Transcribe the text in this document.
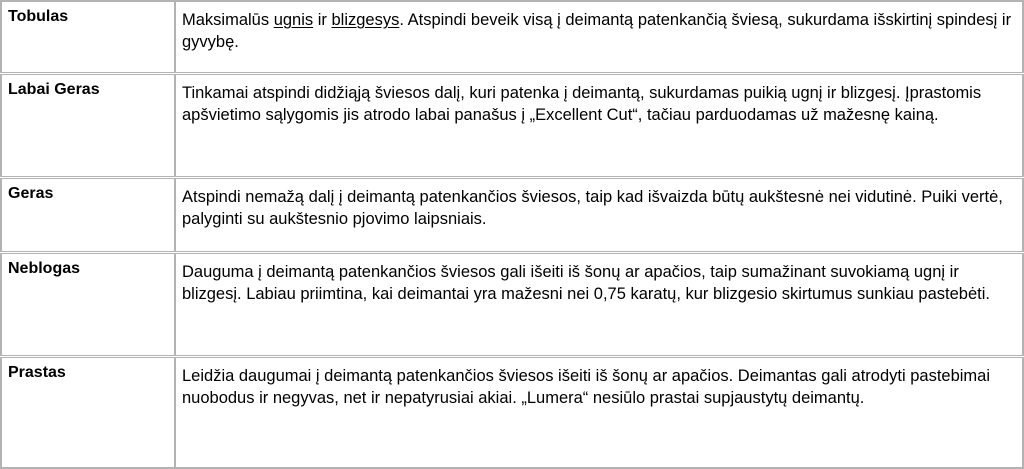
Tobulas	Maksimalūs ugnis ir blizgesys. Atspindi beveik visą į deimantą patenkančią šviesą, sukurdama išskirtinį spindesį ir gyvybę.

Labai Geras	Tinkamai atspindi didžiąją šviesos dalį, kuri patenka į deimantą, sukurdamas puikią ugnį ir blizgesį. Įprastomis apšvietimo sąlygomis jis atrodo labai panašus į „Excellent Cut“, tačiau parduodamas už mažesnę kainą.

Geras	Atspindi nemažą dalį į deimantą patenkančios šviesos, taip kad išvaizda būtų aukštesnė nei vidutinė. Puiki vertė, palyginti su aukštesnio pjovimo laipsniais.

Neblogas	Dauguma į deimantą patenkančios šviesos gali išeiti iš šonų ar apačios, taip sumažinant suvokiamą ugnį ir blizgesį. Labiau priimtina, kai deimantai yra mažesni nei 0,75 karatų, kur blizgesio skirtumus sunkiau pastebėti.

Prastas	Leidžia daugumai į deimantą patenkančios šviesos išeiti iš šonų ar apačios. Deimantas gali atrodyti pastebimai nuobodus ir negyvas, net ir nepatyrusiai akiai. „Lumera“ nesiūlo prastai supjaustytų deimantų.
